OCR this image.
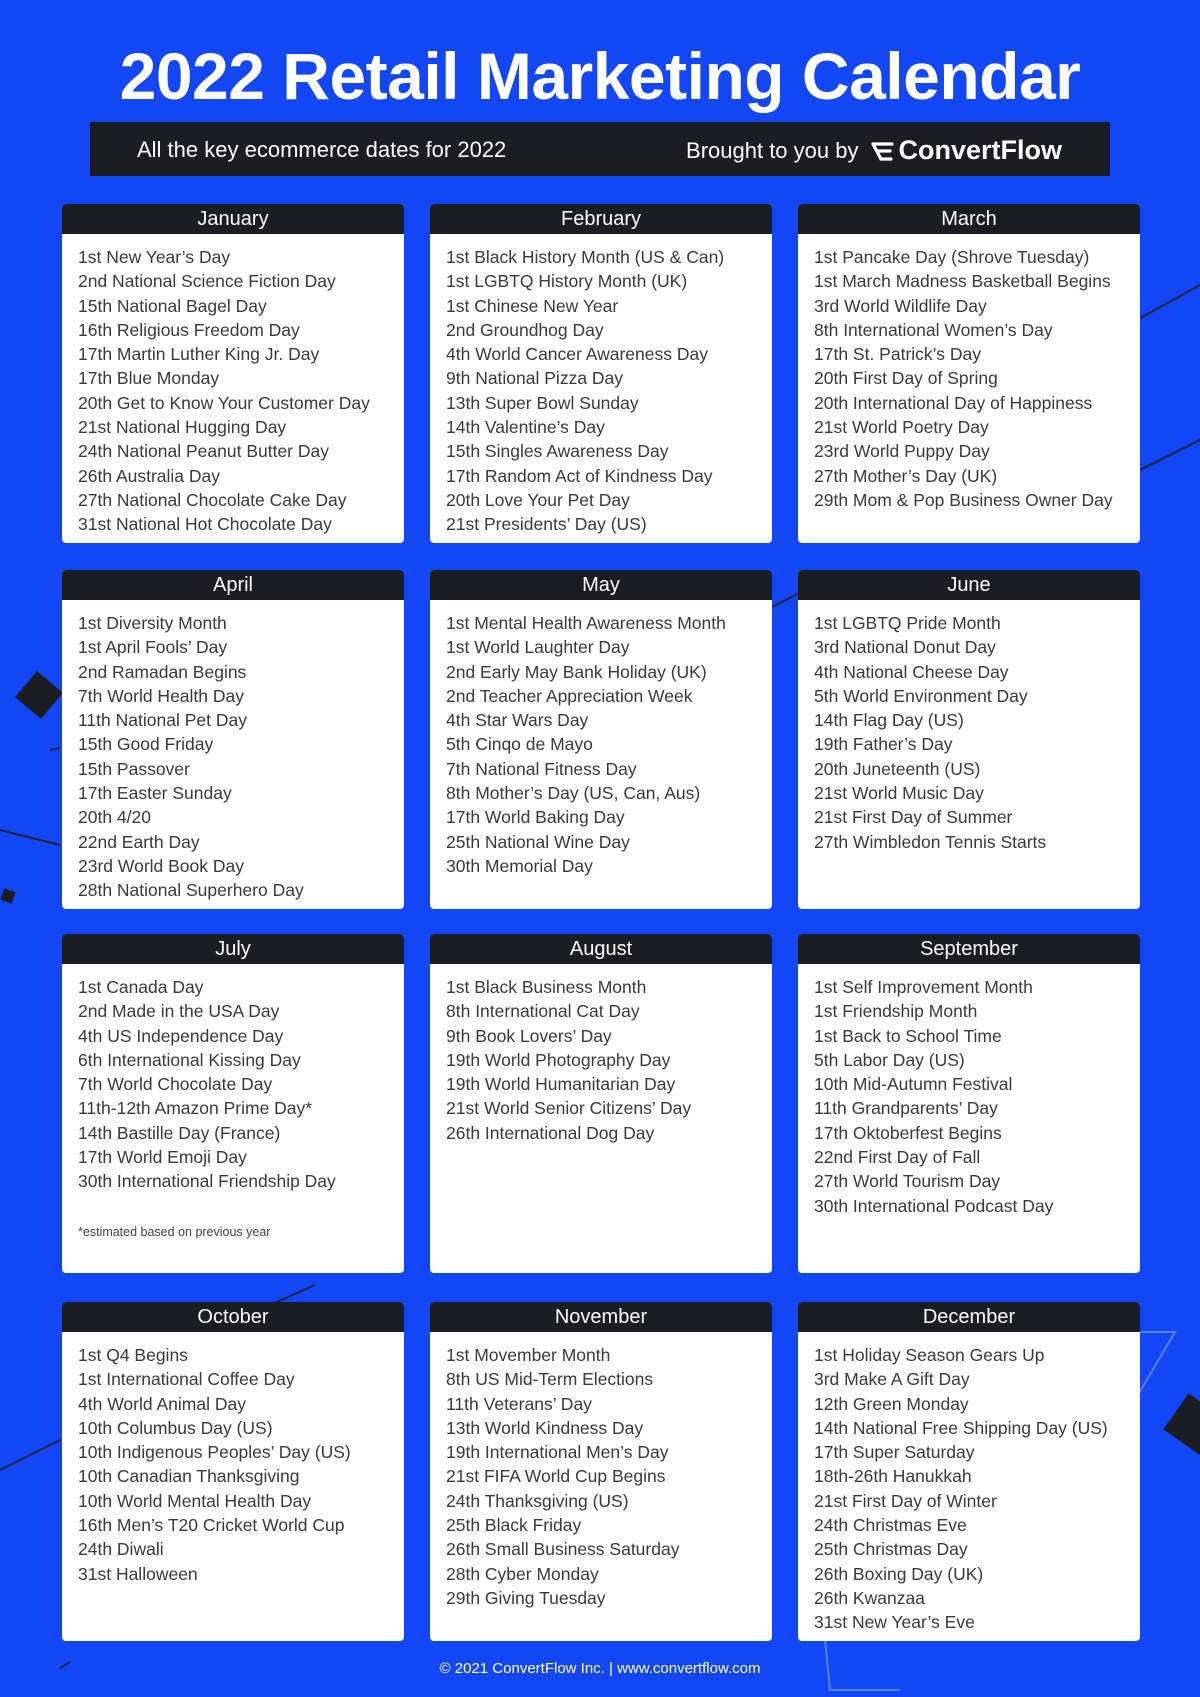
2022 Retail Marketing Calendar
All the key ecommerce dates for 2022	Brought to you by ConvertFlow
January
1st New Year’s Day
2nd National Science Fiction Day
15th National Bagel Day
16th Religious Freedom Day
17th Martin Luther King Jr. Day
17th Blue Monday
20th Get to Know Your Customer Day
21st National Hugging Day
24th National Peanut Butter Day
26th Australia Day
27th National Chocolate Cake Day
31st National Hot Chocolate Day
February
1st Black History Month (US & Can)
1st LGBTQ History Month (UK)
1st Chinese New Year
2nd Groundhog Day
4th World Cancer Awareness Day
9th National Pizza Day
13th Super Bowl Sunday
14th Valentine’s Day
15th Singles Awareness Day
17th Random Act of Kindness Day
20th Love Your Pet Day
21st Presidents’ Day (US)
March
1st Pancake Day (Shrove Tuesday)
1st March Madness Basketball Begins
3rd World Wildlife Day
8th International Women’s Day
17th St. Patrick’s Day
20th First Day of Spring
20th International Day of Happiness
21st World Poetry Day
23rd World Puppy Day
27th Mother’s Day (UK)
29th Mom & Pop Business Owner Day
April
1st Diversity Month
1st April Fools’ Day
2nd Ramadan Begins
7th World Health Day
11th National Pet Day
15th Good Friday
15th Passover
17th Easter Sunday
20th 4/20
22nd Earth Day
23rd World Book Day
28th National Superhero Day
May
1st Mental Health Awareness Month
1st World Laughter Day
2nd Early May Bank Holiday (UK)
2nd Teacher Appreciation Week
4th Star Wars Day
5th Cinqo de Mayo
7th National Fitness Day
8th Mother’s Day (US, Can, Aus)
17th World Baking Day
25th National Wine Day
30th Memorial Day
June
1st LGBTQ Pride Month
3rd National Donut Day
4th National Cheese Day
5th World Environment Day
14th Flag Day (US)
19th Father’s Day
20th Juneteenth (US)
21st World Music Day
21st First Day of Summer
27th Wimbledon Tennis Starts
July
1st Canada Day
2nd Made in the USA Day
4th US Independence Day
6th International Kissing Day
7th World Chocolate Day
11th-12th Amazon Prime Day*
14th Bastille Day (France)
17th World Emoji Day
30th International Friendship Day
*estimated based on previous year
August
1st Black Business Month
8th International Cat Day
9th Book Lovers’ Day
19th World Photography Day
19th World Humanitarian Day
21st World Senior Citizens’ Day
26th International Dog Day
September
1st Self Improvement Month
1st Friendship Month
1st Back to School Time
5th Labor Day (US)
10th Mid-Autumn Festival
11th Grandparents’ Day
17th Oktoberfest Begins
22nd First Day of Fall
27th World Tourism Day
30th International Podcast Day
October
1st Q4 Begins
1st International Coffee Day
4th World Animal Day
10th Columbus Day (US)
10th Indigenous Peoples’ Day (US)
10th Canadian Thanksgiving
10th World Mental Health Day
16th Men’s T20 Cricket World Cup
24th Diwali
31st Halloween
November
1st Movember Month
8th US Mid-Term Elections
11th Veterans’ Day
13th World Kindness Day
19th International Men’s Day
21st FIFA World Cup Begins
24th Thanksgiving (US)
25th Black Friday
26th Small Business Saturday
28th Cyber Monday
29th Giving Tuesday
December
1st Holiday Season Gears Up
3rd Make A Gift Day
12th Green Monday
14th National Free Shipping Day (US)
17th Super Saturday
18th-26th Hanukkah
21st First Day of Winter
24th Christmas Eve
25th Christmas Day
26th Boxing Day (UK)
26th Kwanzaa
31st New Year’s Eve
© 2021 ConvertFlow Inc. | www.convertflow.com
